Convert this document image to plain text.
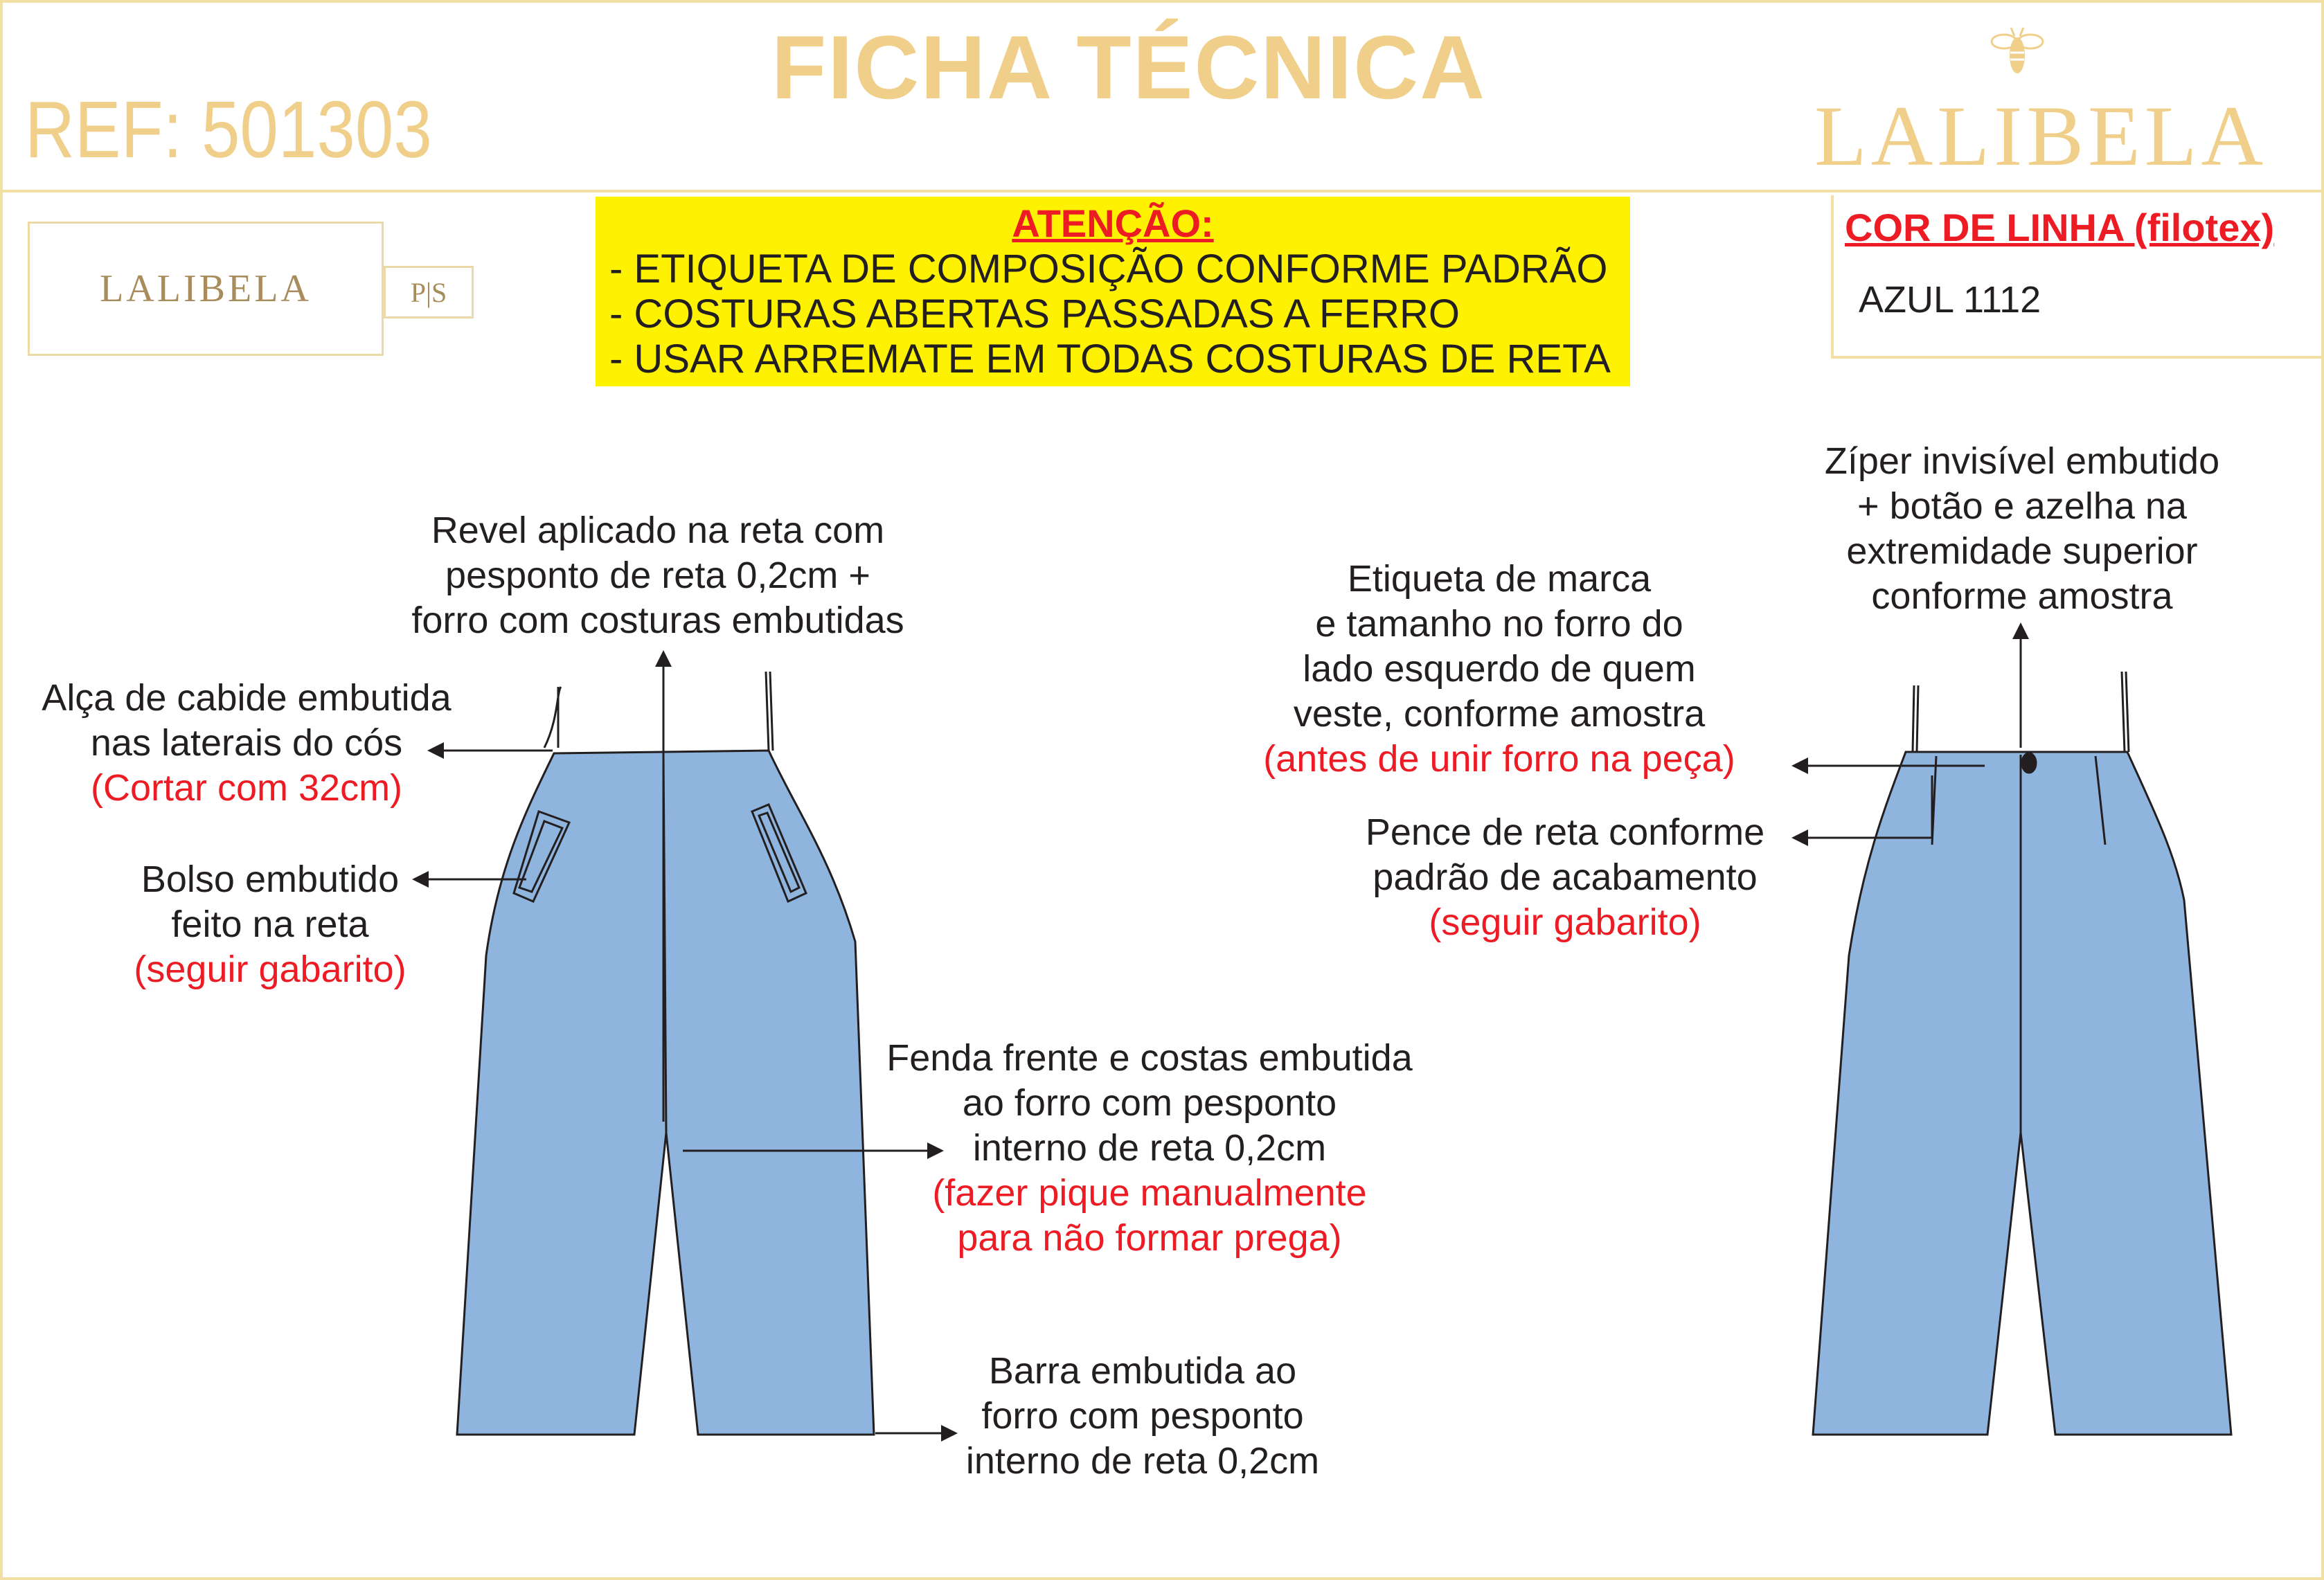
FICHA TÉCNICA
REF: 501303	LALIBELA
LALIBELA	P|S
ATENÇÃO:
- ETIQUETA DE COMPOSIÇÃO CONFORME PADRÃO
- COSTURAS ABERTAS PASSADAS A FERRO
- USAR ARREMATE EM TODAS COSTURAS DE RETA
COR DE LINHA (filotex)
AZUL 1112
Revel aplicado na reta com
pesponto de reta 0,2cm +
forro com costuras embutidas
Alça de cabide embutida
nas laterais do cós
(Cortar com 32cm)
Bolso embutido
feito na reta
(seguir gabarito)
Fenda frente e costas embutida
ao forro com pesponto
interno de reta 0,2cm
(fazer pique manualmente
para não formar prega)
Barra embutida ao
forro com pesponto
interno de reta 0,2cm
Zíper invisível embutido
+ botão e azelha na
extremidade superior
conforme amostra
Etiqueta de marca
e tamanho no forro do
lado esquerdo de quem
veste, conforme amostra
(antes de unir forro na peça)
Pence de reta conforme
padrão de acabamento
(seguir gabarito)
